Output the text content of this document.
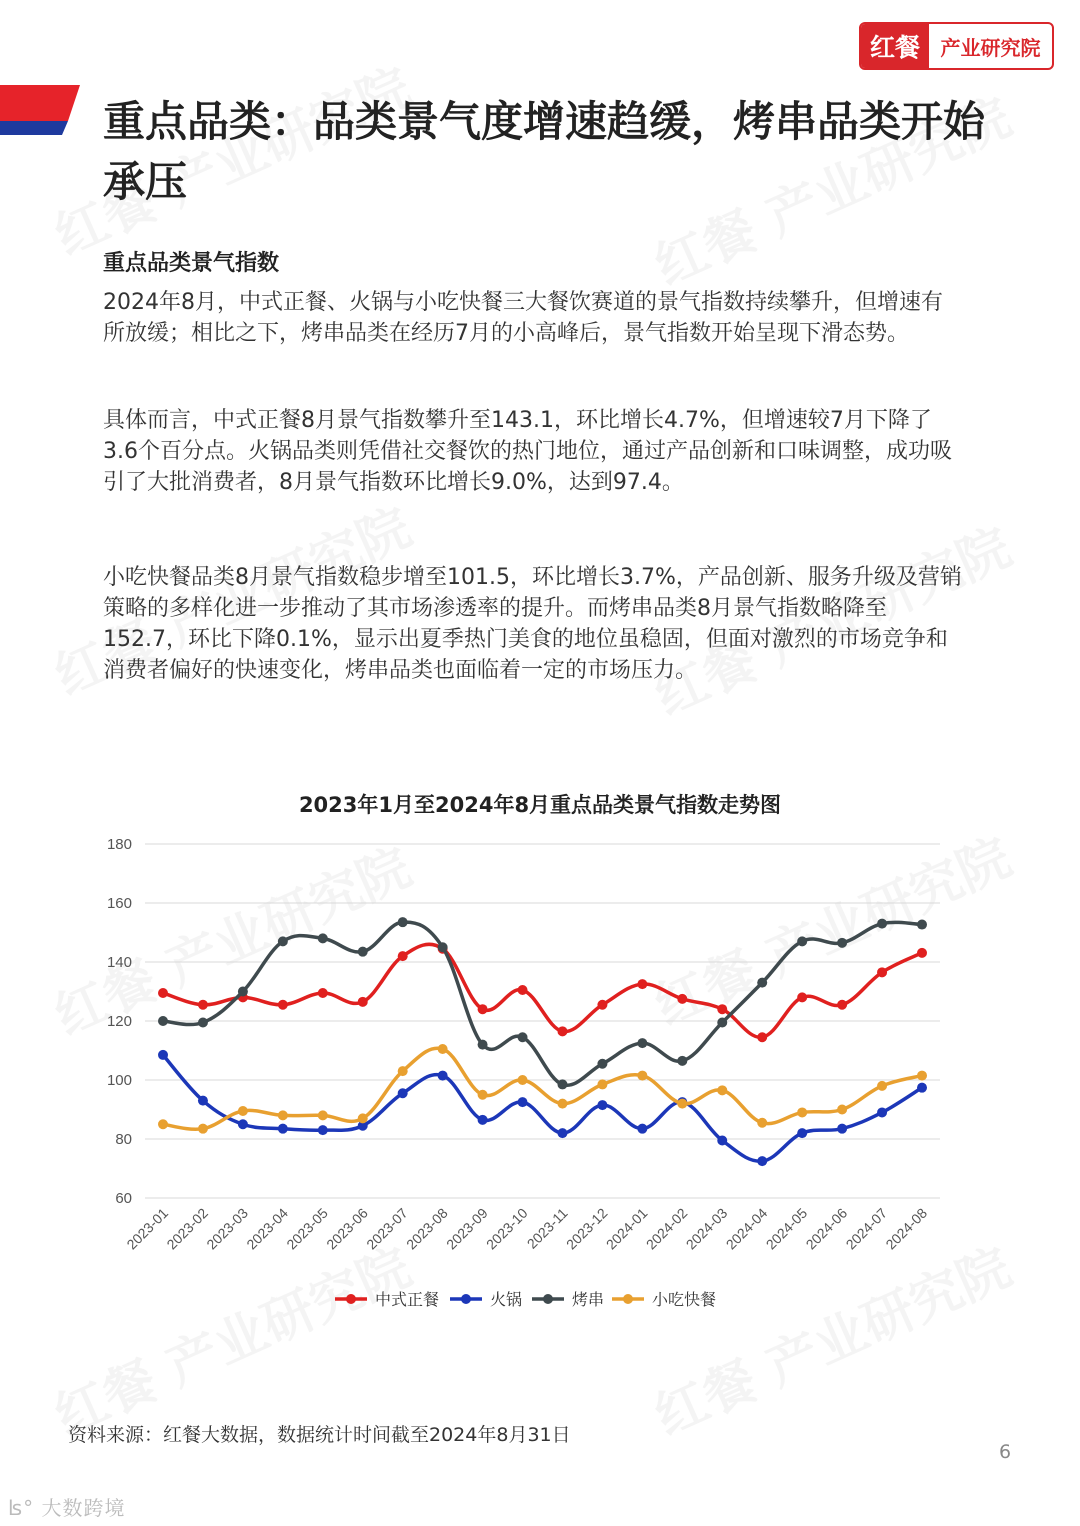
红餐	产业研究院
重点品类：品类景气度增速趋缓，烤串品类开始承压
重点品类景气指数
2024年8月，中式正餐、火锅与小吃快餐三大餐饮赛道的景气指数持续攀升，但增速有所放缓；相比之下，烤串品类在经历7月的小高峰后，景气指数开始呈现下滑态势。
具体而言，中式正餐8月景气指数攀升至143.1，环比增长4.7%，但增速较7月下降了3.6个百分点。火锅品类则凭借社交餐饮的热门地位，通过产品创新和口味调整，成功吸引了大批消费者，8月景气指数环比增长9.0%，达到97.4。
小吃快餐品类8月景气指数稳步增至101.5，环比增长3.7%，产品创新、服务升级及营销策略的多样化进一步推动了其市场渗透率的提升。而烤串品类8月景气指数略降至152.7，环比下降0.1%，显示出夏季热门美食的地位虽稳固，但面对激烈的市场竞争和消费者偏好的快速变化，烤串品类也面临着一定的市场压力。
2023年1月至2024年8月重点品类景气指数走势图
60
80
100
120
140
160
180
2023-01
2023-02
2023-03
2023-04
2023-05
2023-06
2023-07
2023-08
2023-09
2023-10
2023-11
2023-12
2024-01
2024-02
2024-03
2024-04
2024-05
2024-06
2024-07
2024-08
中式正餐	火锅	烤串	小吃快餐
资料来源：红餐大数据，数据统计时间截至2024年8月31日
6
ʪ° 大数跨境
